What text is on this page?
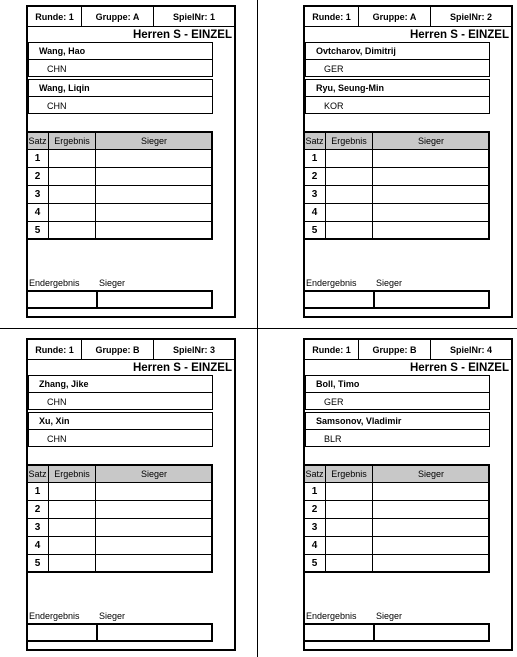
Runde: 1	Gruppe: A	SpielNr: 1
Herren S - EINZEL
Wang, Hao
CHN
Wang, Liqin
CHN
Satz	Ergebnis	Sieger
1		
2		
3		
4		
5		
Endergebnis Sieger
Runde: 1	Gruppe: A	SpielNr: 2
Herren S - EINZEL
Ovtcharov, Dimitrij
GER
Ryu, Seung-Min
KOR
Satz	Ergebnis	Sieger
1		
2		
3		
4		
5		
Endergebnis Sieger
Runde: 1	Gruppe: B	SpielNr: 3
Herren S - EINZEL
Zhang, Jike
CHN
Xu, Xin
CHN
Satz	Ergebnis	Sieger
1		
2		
3		
4		
5		
Endergebnis Sieger
Runde: 1	Gruppe: B	SpielNr: 4
Herren S - EINZEL
Boll, Timo
GER
Samsonov, Vladimir
BLR
Satz	Ergebnis	Sieger
1		
2		
3		
4		
5		
Endergebnis Sieger
